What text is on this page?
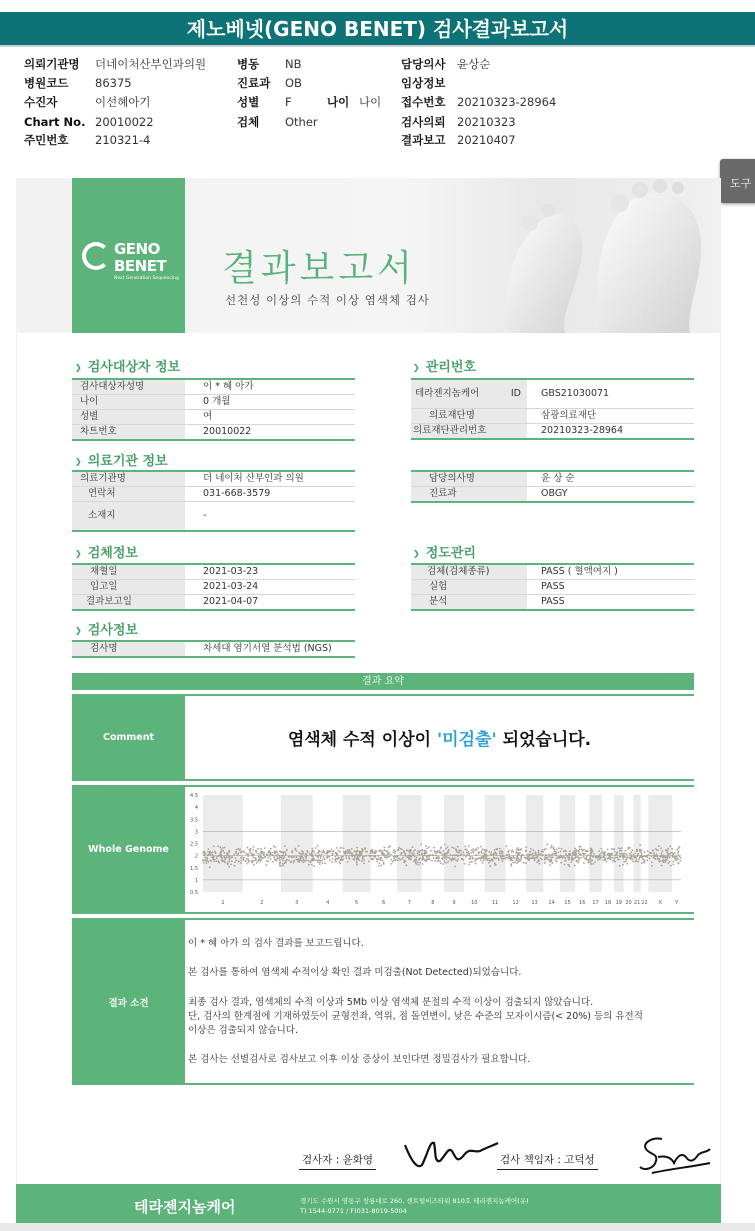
제노베넷(GENO BENET) 검사결과보고서
의뢰기관명 더네이처산부인과의원
병원코드 86375
수진자	이선혜아기
Chart No. 20010022
주민번호 210321-4
병동 NB
진료과 OB
성별 F	나이 나이
검체 Other
담당의사 윤상순
임상정보
접수번호 20210323-28964
검사의뢰 20210323
결과보고 20210407
도구
GENO
BENET
Next Generation Sequencing 결과보고서
선천성 이상의 수적 이상 염색체 검사
❯ 검사대상자 정보
검사대상자성명	이 * 혜 아가
나이	0 개월
성별	여
차트번호	20010022
❯ 관리번호
테라젠지놈케어 ID	GBS21030071
의료재단명	삼광의료재단
의료재단관리번호	20210323-28964
❯ 의료기관 정보
의료기관명	더 네이처 산부인과 의원
연락처	031-668-3579
소재지	-
담당의사명	윤 상 순
진료과	OBGY
❯ 검체정보
채혈일	2021-03-23
입고일	2021-03-24
결과보고일	2021-04-07
❯ 정도관리
검체(검체종류)	PASS ( 혈액여지 )
실험	PASS
분석	PASS
❯ 검사정보
검사명	차세대 염기서열 분석법 (NGS)
결과 요약
Comment	염색체 수적 이상이 '미검출' 되었습니다.
Whole Genome
4.5
4
3.5
3
2.5
2
1.5
1
0.5
1	2	3	4	5	6	7	8	9	10	11	12	13 14 15 16 17 18 19 20 21 22 X	Y
결과 소견
이 * 혜 아가 의 검사 결과를 보고드립니다.
본 검사를 통하여 염색체 수적이상 확인 결과 미검출(Not Detected)되었습니다.
최종 검사 결과, 염색체의 수적 이상과 5Mb 이상 염색체 분절의 수적 이상이 검출되지 않았습니다.
단, 검사의 한계점에 기재하였듯이 균형전좌, 역위, 점 돌연변이, 낮은 수준의 모자이시즘(< 20%) 등의 유전적
이상은 검출되지 않습니다.
본 검사는 선별검사로 검사보고 이후 이상 증상이 보인다면 정밀검사가 필요합니다.
검사자 : 윤화영	검사 책임자 : 고덕성
테라젠지놈케어	경기도 수원시 영통구 창룡대로 260, 센트럴비즈타워 810호 테라젠지놈케어(유)
T) 1544-9771 / F)031-8019-5004
